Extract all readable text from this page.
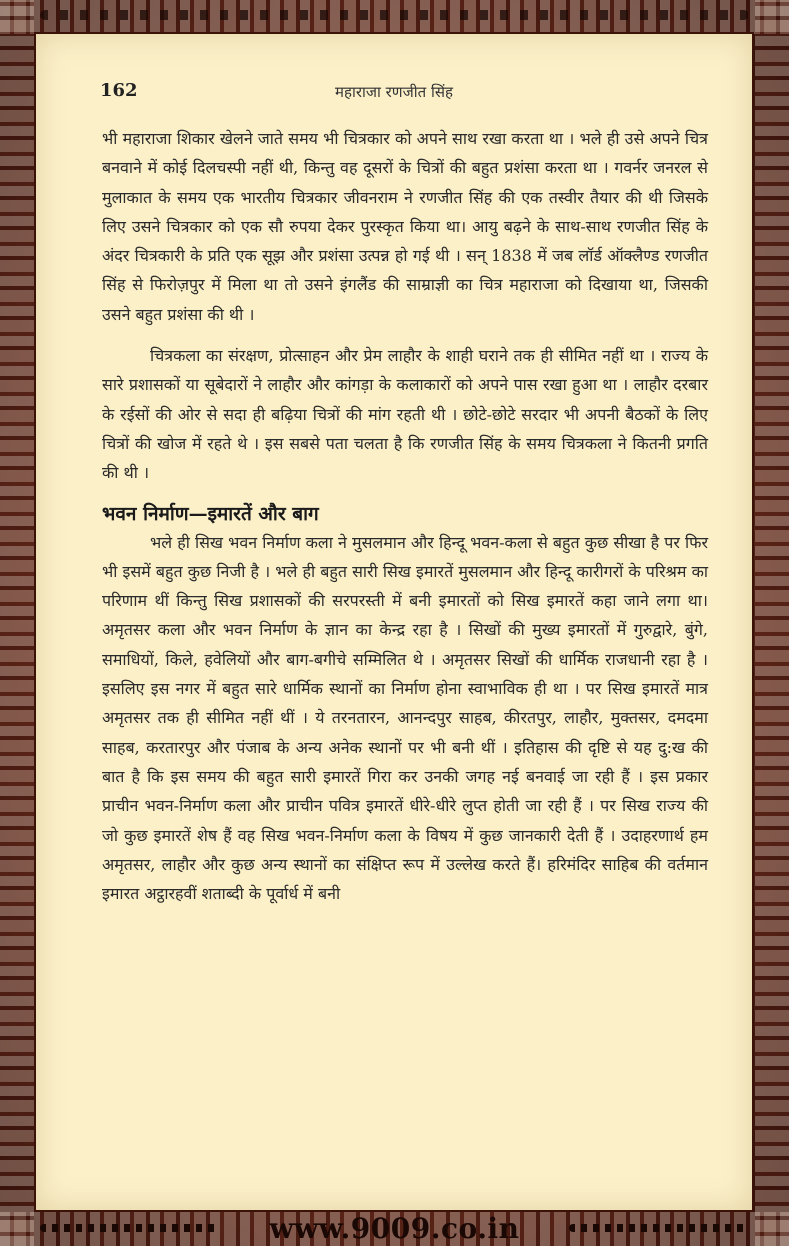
162	महाराजा रणजीत सिंह

भी महाराजा शिकार खेलने जाते समय भी चित्रकार को अपने साथ रखा करता था । भले ही उसे अपने चित्र बनवाने में कोई दिलचस्पी नहीं थी, किन्तु वह दूसरों के चित्रों की बहुत प्रशंसा करता था । गवर्नर जनरल से मुलाकात के समय एक भारतीय चित्रकार जीवनराम ने रणजीत सिंह की एक तस्वीर तैयार की थी जिसके लिए उसने चित्रकार को एक सौ रुपया देकर पुरस्कृत किया था। आयु बढ़ने के साथ-साथ रणजीत सिंह के अंदर चित्रकारी के प्रति एक सूझ और प्रशंसा उत्पन्न हो गई थी । सन् 1838 में जब लॉर्ड ऑक्लैण्ड रणजीत सिंह से फिरोज़पुर में मिला था तो उसने इंगलैंड की साम्राज्ञी का चित्र महाराजा को दिखाया था, जिसकी उसने बहुत प्रशंसा की थी ।

चित्रकला का संरक्षण, प्रोत्साहन और प्रेम लाहौर के शाही घराने तक ही सीमित नहीं था । राज्य के सारे प्रशासकों या सूबेदारों ने लाहौर और कांगड़ा के कलाकारों को अपने पास रखा हुआ था । लाहौर दरबार के रईसों की ओर से सदा ही बढ़िया चित्रों की मांग रहती थी । छोटे-छोटे सरदार भी अपनी बैठकों के लिए चित्रों की खोज में रहते थे । इस सबसे पता चलता है कि रणजीत सिंह के समय चित्रकला ने कितनी प्रगति की थी ।

भवन निर्माण—इमारतें और बाग

भले ही सिख भवन निर्माण कला ने मुसलमान और हिन्दू भवन-कला से बहुत कुछ सीखा है पर फिर भी इसमें बहुत कुछ निजी है । भले ही बहुत सारी सिख इमारतें मुसलमान और हिन्दू कारीगरों के परिश्रम का परिणाम थीं किन्तु सिख प्रशासकों की सरपरस्ती में बनी इमारतों को सिख इमारतें कहा जाने लगा था। अमृतसर कला और भवन निर्माण के ज्ञान का केन्द्र रहा है । सिखों की मुख्य इमारतों में गुरुद्वारे, बुंगे, समाधियों, किले, हवेलियों और बाग-बगीचे सम्मिलित थे । अमृतसर सिखों की धार्मिक राजधानी रहा है । इसलिए इस नगर में बहुत सारे धार्मिक स्थानों का निर्माण होना स्वाभाविक ही था । पर सिख इमारतें मात्र अमृतसर तक ही सीमित नहीं थीं । ये तरनतारन, आनन्दपुर साहब, कीरतपुर, लाहौर, मुक्तसर, दमदमा साहब, करतारपुर और पंजाब के अन्य अनेक स्थानों पर भी बनी थीं । इतिहास की दृष्टि से यह दु:ख की बात है कि इस समय की बहुत सारी इमारतें गिरा कर उनकी जगह नई बनवाई जा रही हैं । इस प्रकार प्राचीन भवन-निर्माण कला और प्राचीन पवित्र इमारतें धीरे-धीरे लुप्त होती जा रही हैं । पर सिख राज्य की जो कुछ इमारतें शेष हैं वह सिख भवन-निर्माण कला के विषय में कुछ जानकारी देती हैं । उदाहरणार्थ हम अमृतसर, लाहौर और कुछ अन्य स्थानों का संक्षिप्त रूप में उल्लेख करते हैं। हरिमंदिर साहिब की वर्तमान इमारत अट्ठारहवीं शताब्दी के पूर्वार्ध में बनी

www.9009.co.in
